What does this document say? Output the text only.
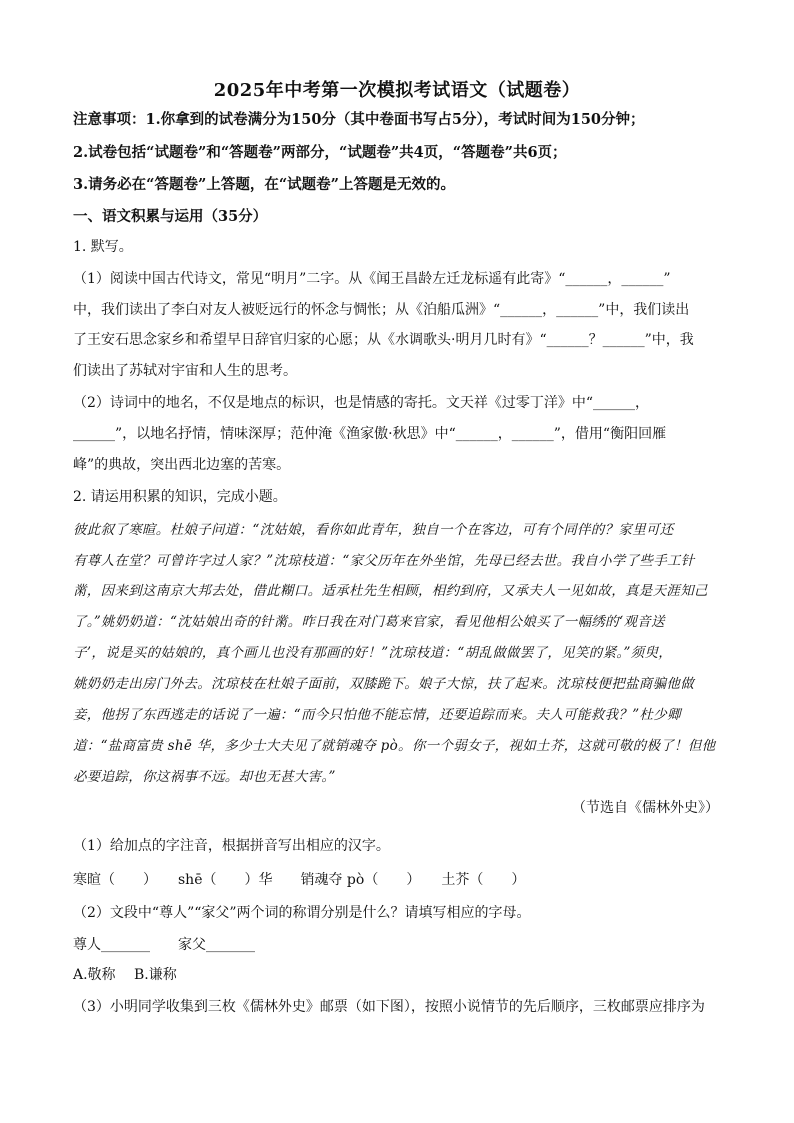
2025年中考第一次模拟考试语文（试题卷）
注意事项：1.你拿到的试卷满分为150分（其中卷面书写占5分），考试时间为150分钟；
2.试卷包括“试题卷”和“答题卷”两部分，“试题卷”共4页，“答题卷”共6页；
3.请务必在“答题卷”上答题，在“试题卷”上答题是无效的。
一、语文积累与运用（35分）
1. 默写。
（1）阅读中国古代诗文，常见“明月”二字。从《闻王昌龄左迁龙标遥有此寄》“______，______”
中，我们读出了李白对友人被贬远行的怀念与惆怅；从《泊船瓜洲》“______，______”中，我们读出
了王安石思念家乡和希望早日辞官归家的心愿；从《水调歌头·明月几时有》“______？______”中，我
们读出了苏轼对宇宙和人生的思考。
（2）诗词中的地名，不仅是地点的标识，也是情感的寄托。文天祥《过零丁洋》中“______，
______”，以地名抒情，情味深厚；范仲淹《渔家傲·秋思》中“______，______”，借用“衡阳回雁
峰”的典故，突出西北边塞的苦寒。
2. 请运用积累的知识，完成小题。
彼此叙了寒暄。杜娘子问道：“沈姑娘，看你如此青年，独自一个在客边，可有个同伴的？家里可还
有尊人在堂？可曾许字过人家？”沈琼枝道：“家父历年在外坐馆，先母已经去世。我自小学了些手工针
黹，因来到这南京大邦去处，借此糊口。适承杜先生相顾，相约到府，又承夫人一见如故，真是天涯知己
了。”姚奶奶道：“沈姑娘出奇的针黹。昨日我在对门葛来官家，看见他相公娘买了一幅绣的‘观音送
子’，说是买的姑娘的，真个画儿也没有那画的好！”沈琼枝道：“胡乱做做罢了，见笑的紧。”须臾，
姚奶奶走出房门外去。沈琼枝在杜娘子面前，双膝跪下。娘子大惊，扶了起来。沈琼枝便把盐商骗他做
妾，他拐了东西逃走的话说了一遍：“而今只怕他不能忘情，还要追踪而来。夫人可能救我？”杜少卿
道：“盐商富贵 shē 华，多少士大夫见了就销魂夺 pò。你一个弱女子，视如土芥，这就可敬的极了！但他
必要追踪，你这祸事不远。却也无甚大害。”
（节选自《儒林外史》）
（1）给加点的字注音，根据拼音写出相应的汉字。
寒暄（　　）　　shē（　　）华　　销魂夺 pò（　　）　　土芥（　　）
（2）文段中“尊人”“家父”两个词的称谓分别是什么？请填写相应的字母。
尊人_______　　家父_______
A.敬称　 B.谦称
（3）小明同学收集到三枚《儒林外史》邮票（如下图），按照小说情节的先后顺序，三枚邮票应排序为
